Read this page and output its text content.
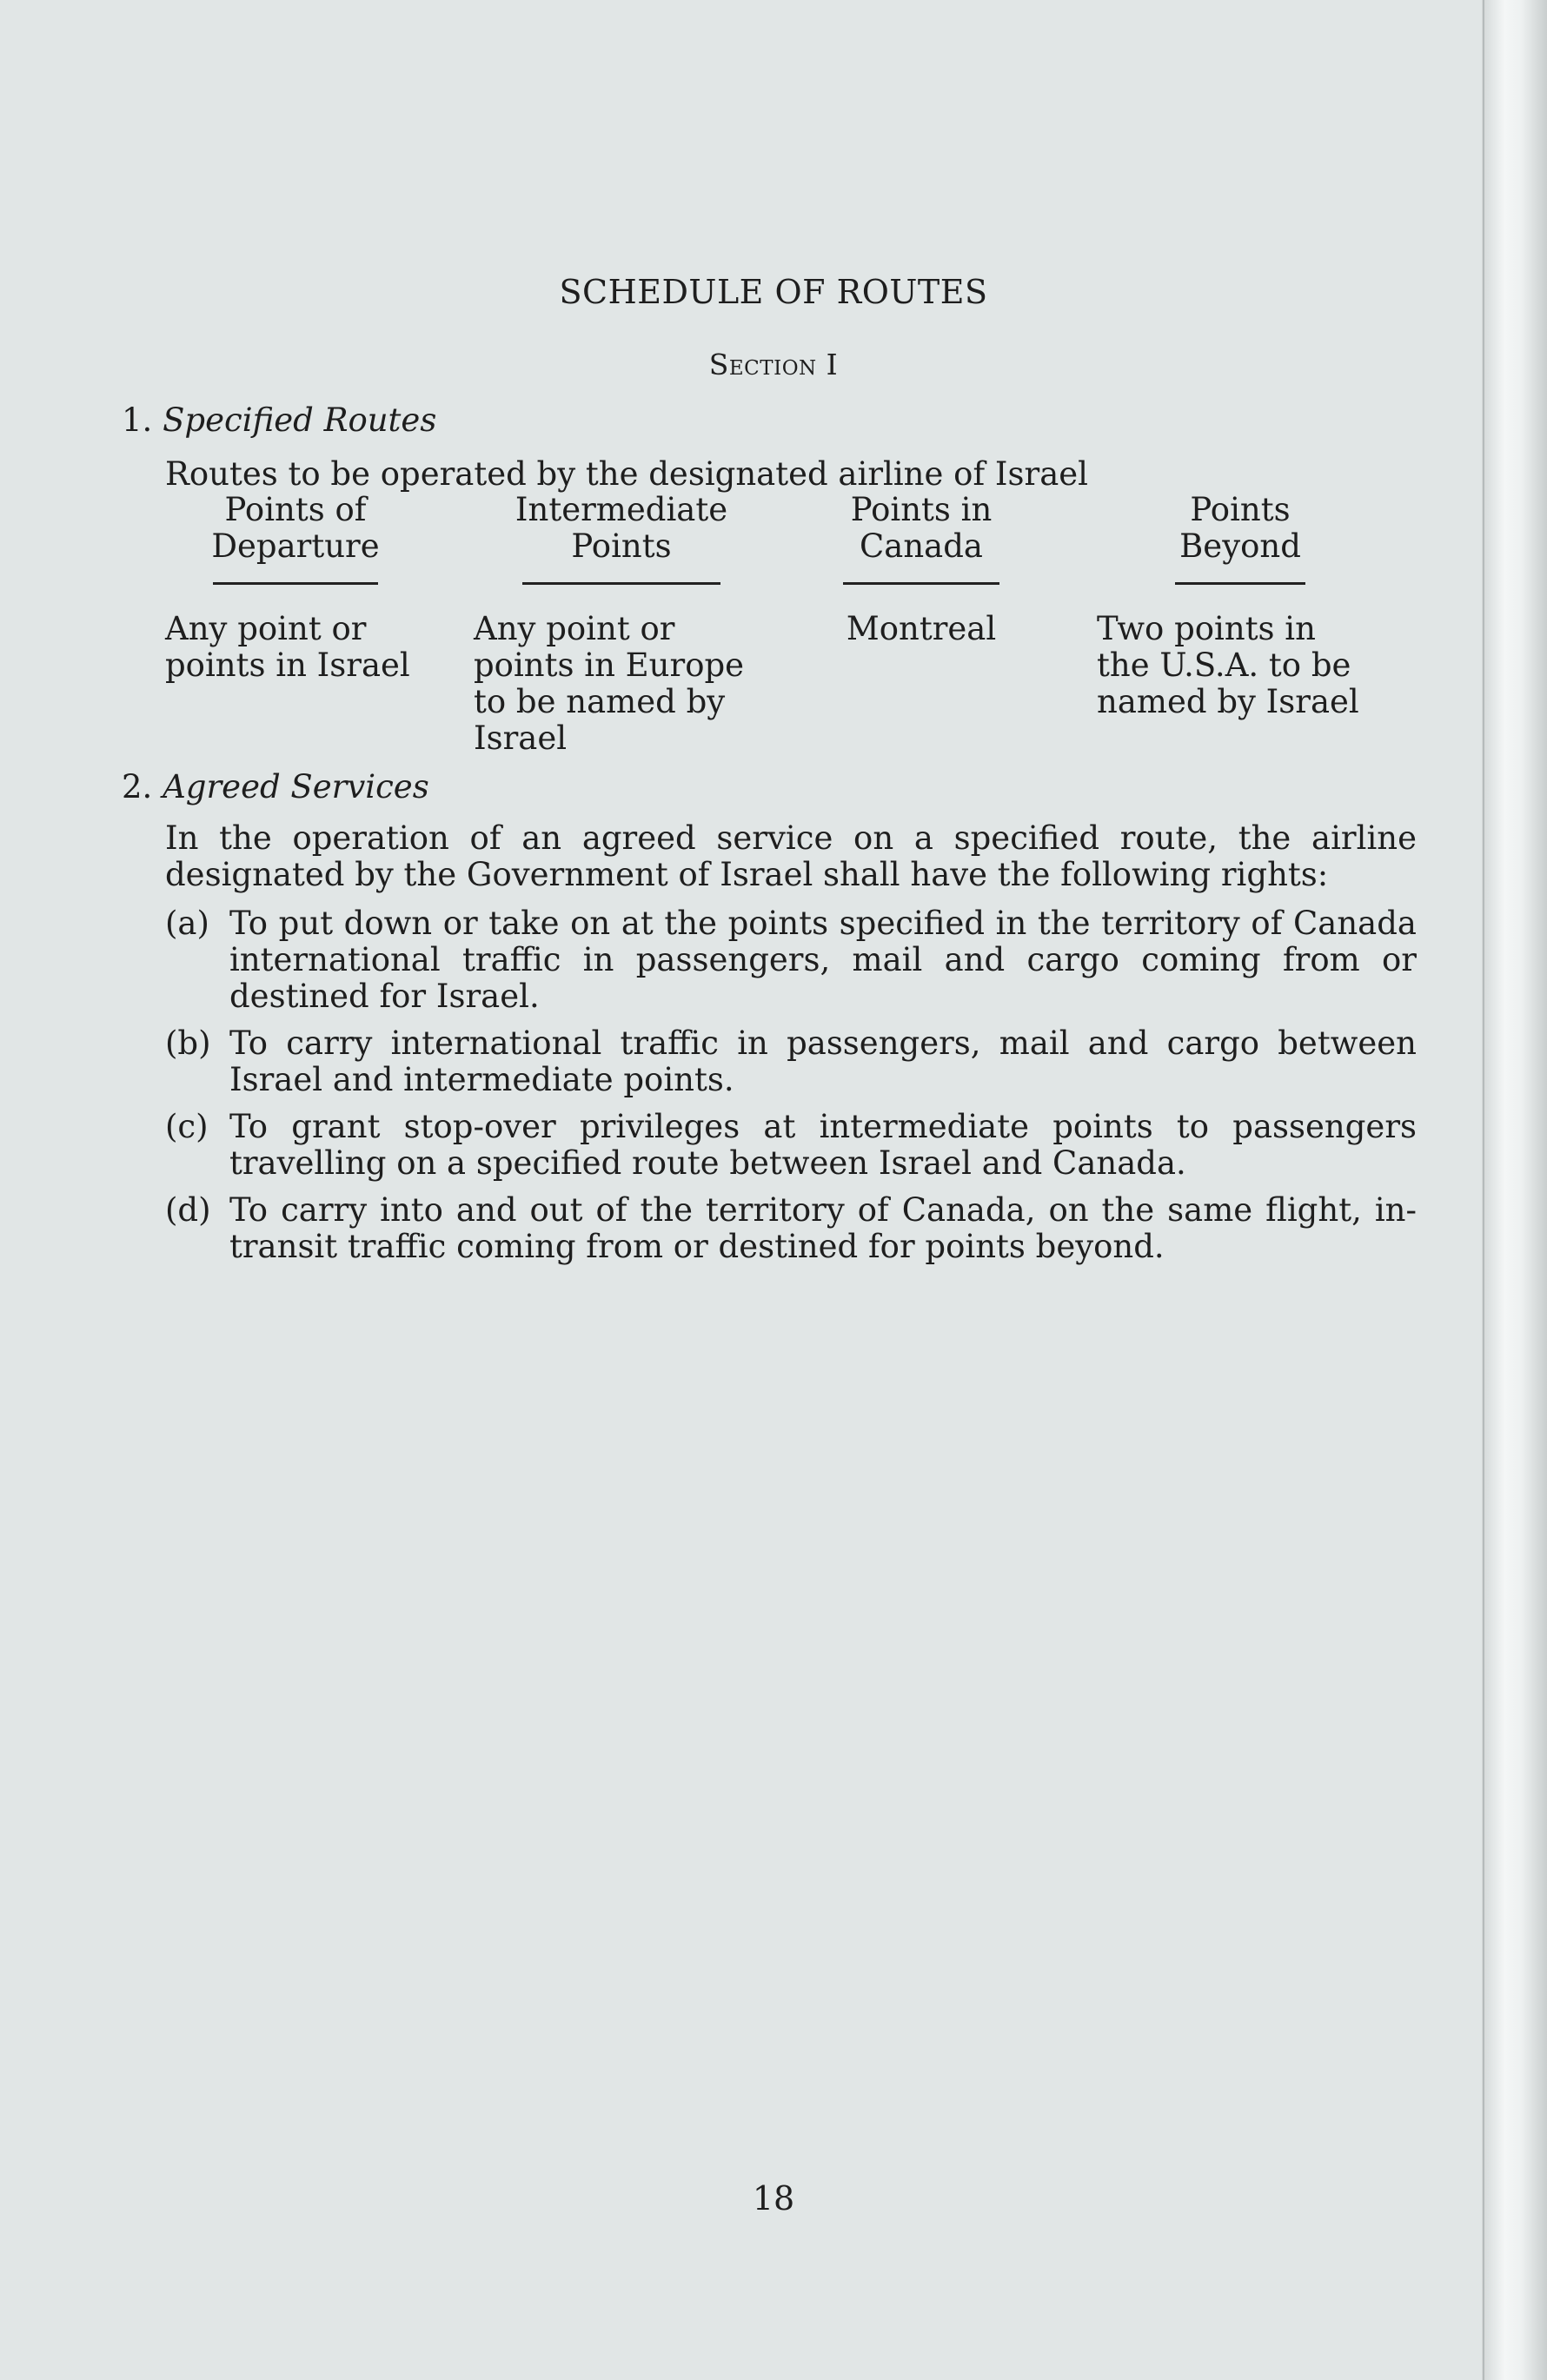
SCHEDULE OF ROUTES
Section I
1. Specified Routes
Routes to be operated by the designated airline of Israel
Points of
Departure
Any point or
points in Israel
Intermediate
Points
Any point or
points in Europe
to be named by
Israel
Points in
Canada
Montreal
Points
Beyond
Two points in
the U.S.A. to be
named by Israel
2. Agreed Services

In the operation of an agreed service on a specified route, the airline designated by the Government of Israel shall have the following rights:

(a) To put down or take on at the points specified in the territory of Canada international traffic in passengers, mail and cargo coming from or destined for Israel.
(b) To carry international traffic in passengers, mail and cargo between Israel and intermediate points.
(c) To grant stop-over privileges at intermediate points to passengers travelling on a specified route between Israel and Canada.
(d) To carry into and out of the territory of Canada, on the same flight, in-transit traffic coming from or destined for points beyond.
18
